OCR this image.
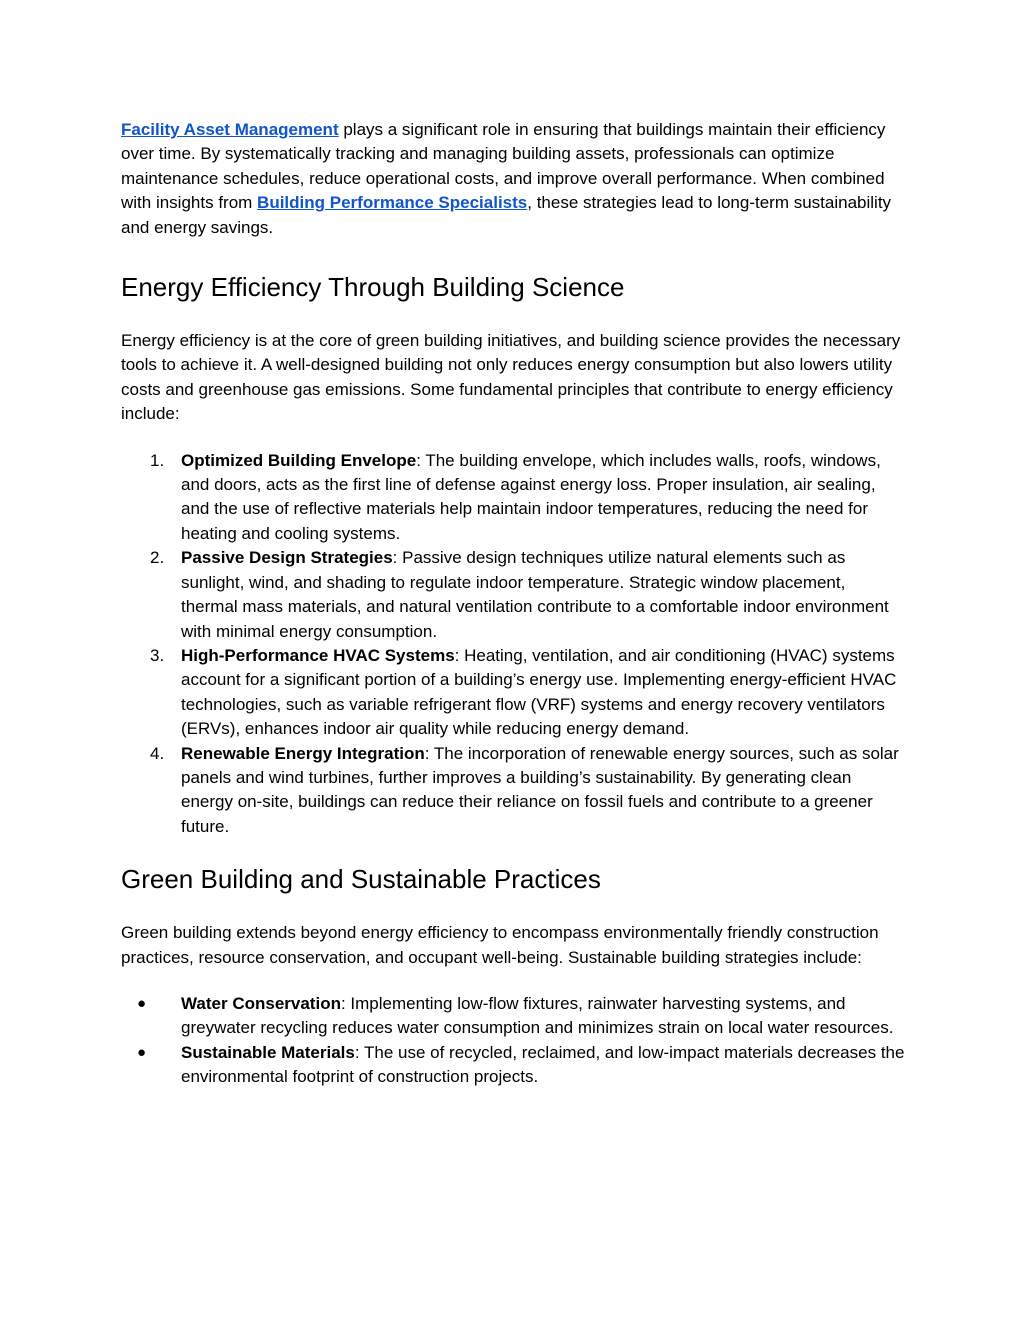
Facility Asset Management plays a significant role in ensuring that buildings maintain their efficiency over time. By systematically tracking and managing building assets, professionals can optimize maintenance schedules, reduce operational costs, and improve overall performance. When combined with insights from Building Performance Specialists, these strategies lead to long-term sustainability and energy savings.

Energy Efficiency Through Building Science

Energy efficiency is at the core of green building initiatives, and building science provides the necessary tools to achieve it. A well-designed building not only reduces energy consumption but also lowers utility costs and greenhouse gas emissions. Some fundamental principles that contribute to energy efficiency include:

1. Optimized Building Envelope: The building envelope, which includes walls, roofs, windows, and doors, acts as the first line of defense against energy loss. Proper insulation, air sealing, and the use of reflective materials help maintain indoor temperatures, reducing the need for heating and cooling systems.
2. Passive Design Strategies: Passive design techniques utilize natural elements such as sunlight, wind, and shading to regulate indoor temperature. Strategic window placement, thermal mass materials, and natural ventilation contribute to a comfortable indoor environment with minimal energy consumption.
3. High-Performance HVAC Systems: Heating, ventilation, and air conditioning (HVAC) systems account for a significant portion of a building’s energy use. Implementing energy-efficient HVAC technologies, such as variable refrigerant flow (VRF) systems and energy recovery ventilators (ERVs), enhances indoor air quality while reducing energy demand.
4. Renewable Energy Integration: The incorporation of renewable energy sources, such as solar panels and wind turbines, further improves a building’s sustainability. By generating clean energy on-site, buildings can reduce their reliance on fossil fuels and contribute to a greener future.
Green Building and Sustainable Practices

Green building extends beyond energy efficiency to encompass environmentally friendly construction practices, resource conservation, and occupant well-being. Sustainable building strategies include:

● Water Conservation: Implementing low-flow fixtures, rainwater harvesting systems, and greywater recycling reduces water consumption and minimizes strain on local water resources.
● Sustainable Materials: The use of recycled, reclaimed, and low-impact materials decreases the environmental footprint of construction projects.
